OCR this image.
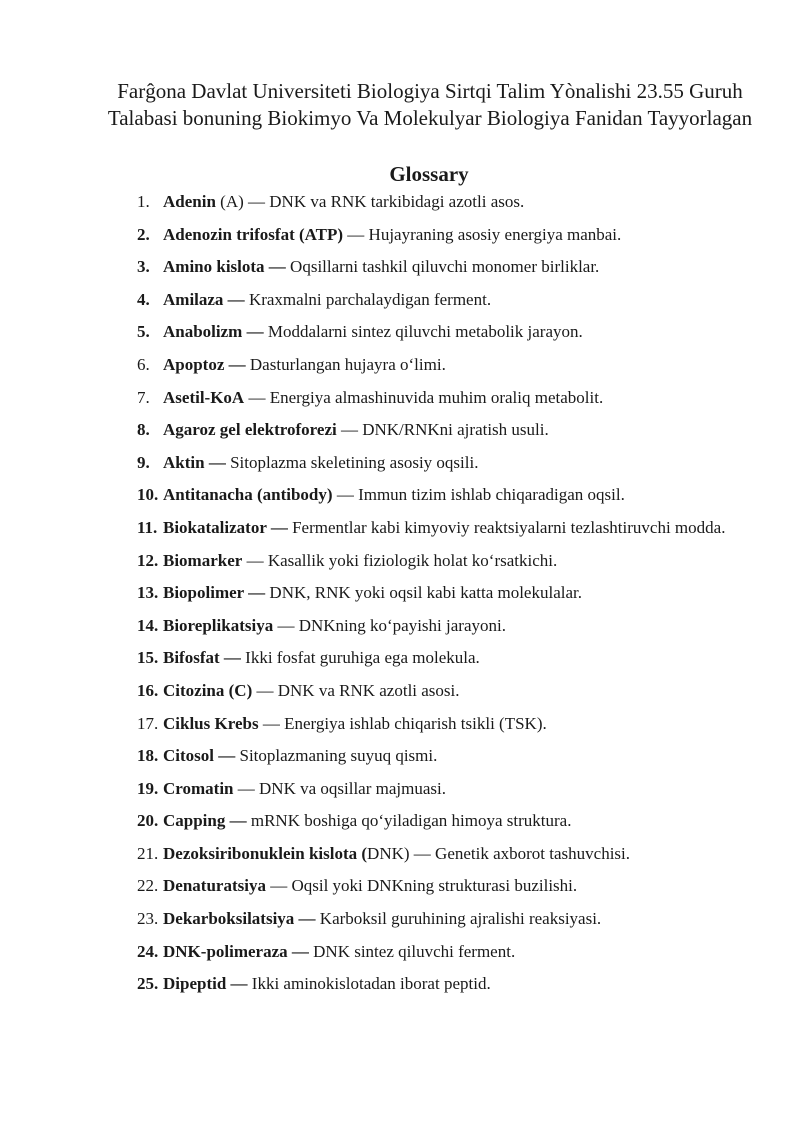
Farĝona Davlat Universiteti Biologiya Sirtqi Talim Yònalishi 23.55 Guruh Talabasi bonuning Biokimyo Va Molekulyar Biologiya Fanidan Tayyorlagan
Glossary
1. Adenin (A) — DNK va RNK tarkibidagi azotli asos.
2. Adenozin trifosfat (ATP) — Hujayraning asosiy energiya manbai.
3. Amino kislota — Oqsillarni tashkil qiluvchi monomer birliklar.
4. Amilaza — Kraxmalni parchalaydigan ferment.
5. Anabolizm — Moddalarni sintez qiluvchi metabolik jarayon.
6. Apoptoz — Dasturlangan hujayra o‘limi.
7. Asetil-KoA — Energiya almashinuvida muhim oraliq metabolit.
8. Agaroz gel elektroforezi — DNK/RNKni ajratish usuli.
9. Aktin — Sitoplazma skeletining asosiy oqsili.
10. Antitanacha (antibody) — Immun tizim ishlab chiqaradigan oqsil.
11. Biokatalizator — Fermentlar kabi kimyoviy reaktsiyalarni tezlashtiruvchi modda.
12. Biomarker — Kasallik yoki fiziologik holat ko‘rsatkichi.
13. Biopolimer — DNK, RNK yoki oqsil kabi katta molekulalar.
14. Bioreplikatsiya — DNKning ko‘payishi jarayoni.
15. Bifosfat — Ikki fosfat guruhiga ega molekula.
16. Citozina (C) — DNK va RNK azotli asosi.
17. Ciklus Krebs — Energiya ishlab chiqarish tsikli (TSK).
18. Citosol — Sitoplazmaning suyuq qismi.
19. Cromatin — DNK va oqsillar majmuasi.
20. Capping — mRNK boshiga qo‘yiladigan himoya struktura.
21. Dezoksiribonuklein kislota (DNK) — Genetik axborot tashuvchisi.
22. Denaturatsiya — Oqsil yoki DNKning strukturasi buzilishi.
23. Dekarboksilatsiya — Karboksil guruhining ajralishi reaksiyasi.
24. DNK-polimeraza — DNK sintez qiluvchi ferment.
25. Dipeptid — Ikki aminokislotadan iborat peptid.
